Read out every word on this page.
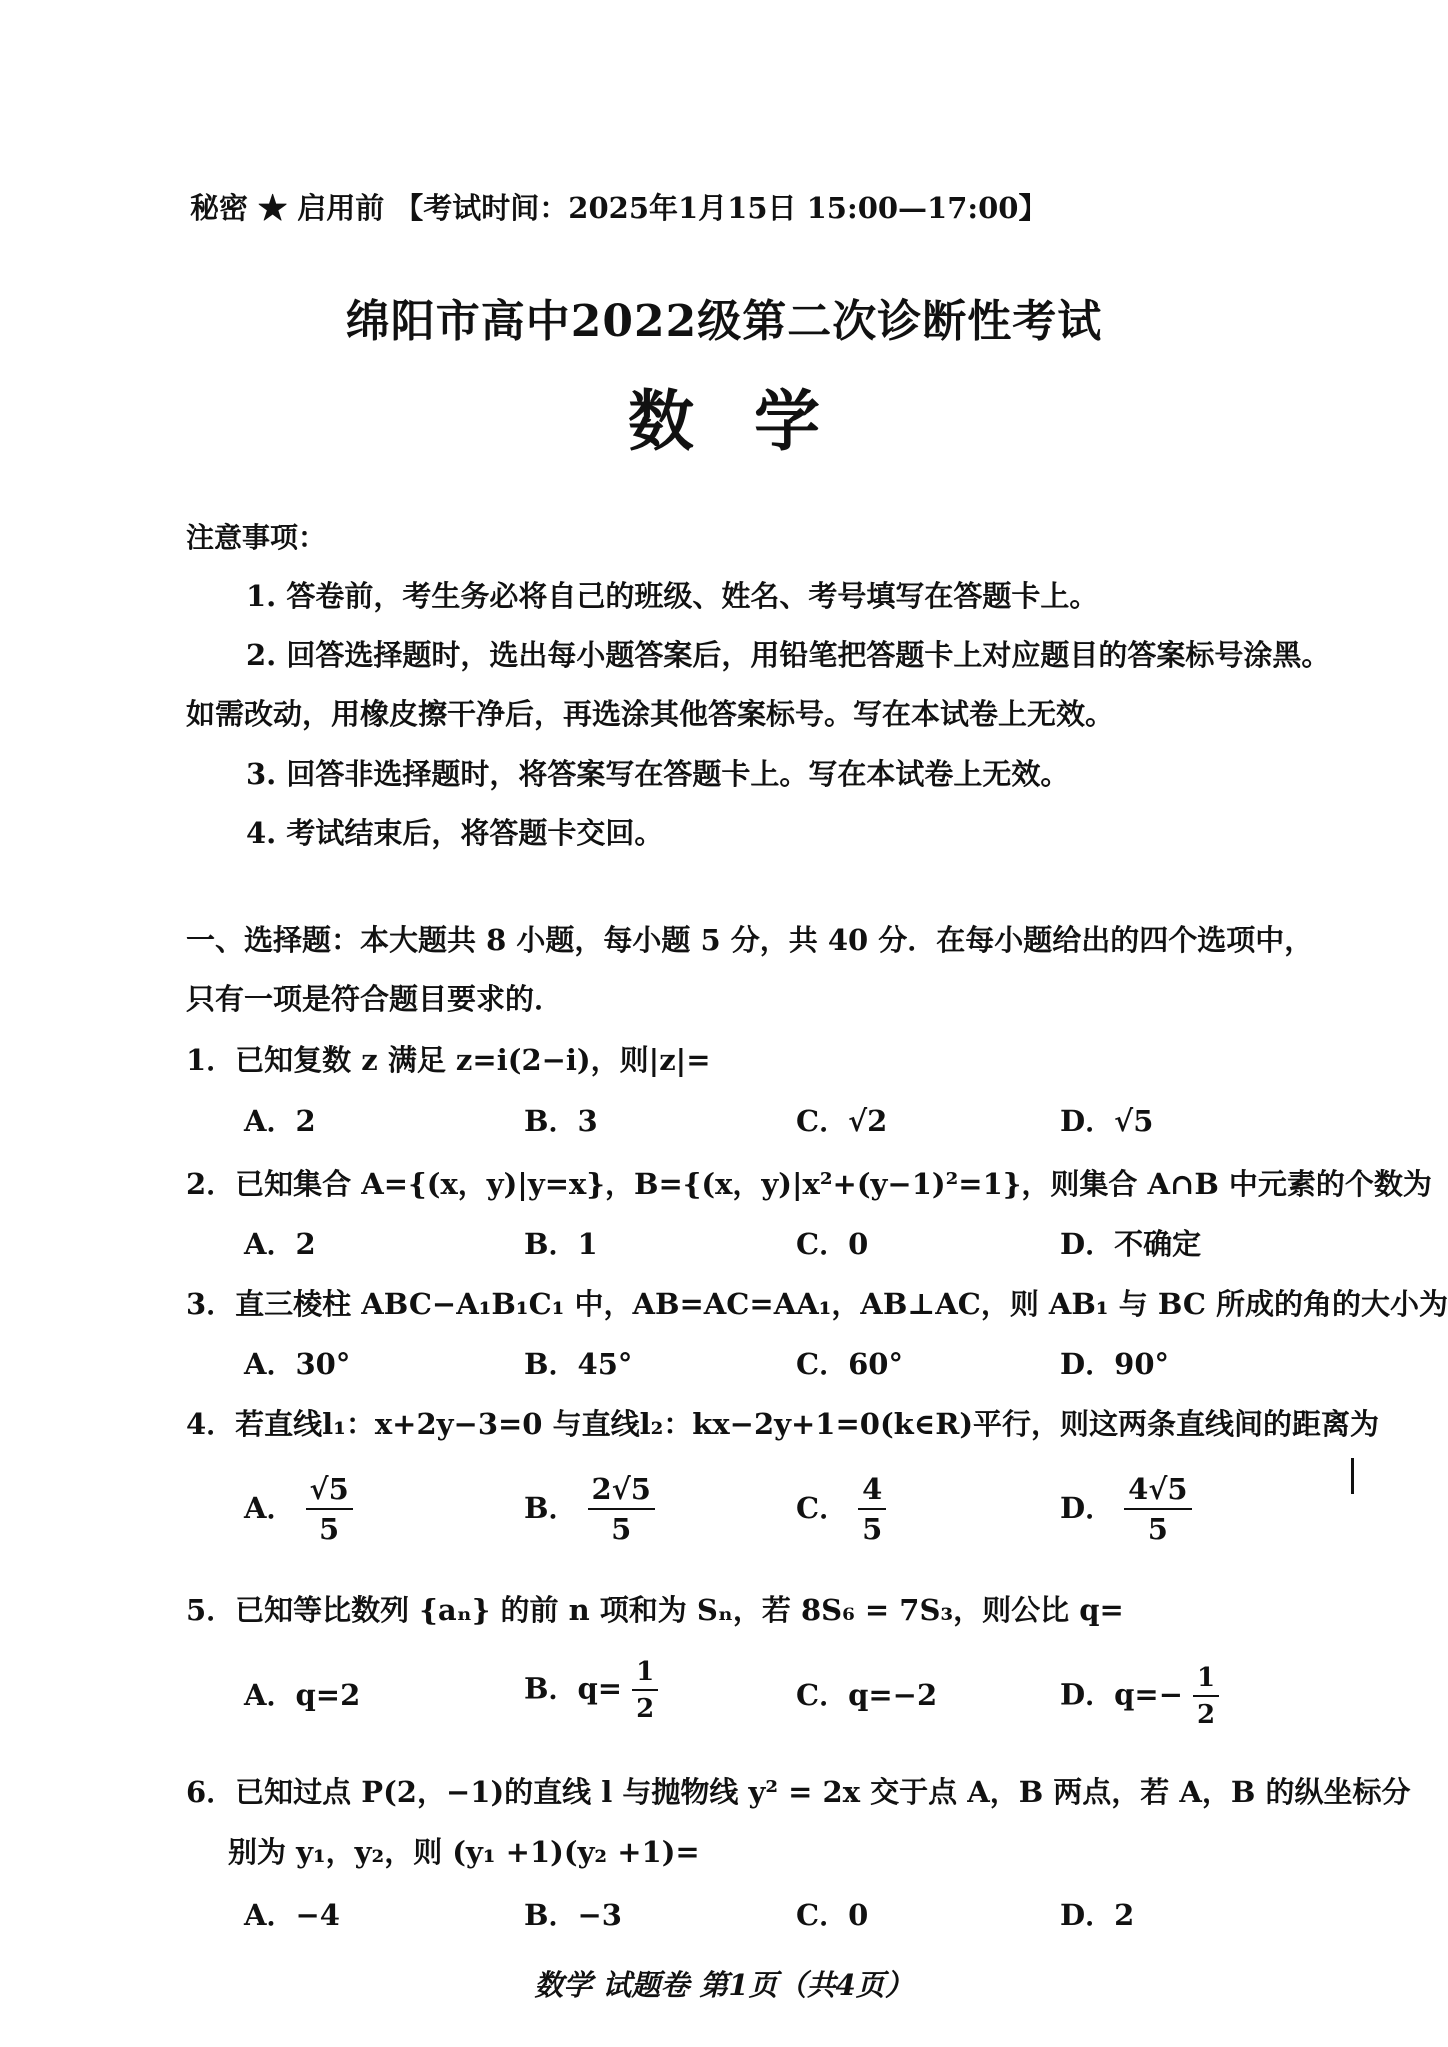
秘密 ★ 启用前 【考试时间：2025年1月15日 15:00—17:00】
绵阳市高中2022级第二次诊断性考试
数学
注意事项：
1. 答卷前，考生务必将自己的班级、姓名、考号填写在答题卡上。
2. 回答选择题时，选出每小题答案后，用铅笔把答题卡上对应题目的答案标号涂黑。
如需改动，用橡皮擦干净后，再选涂其他答案标号。写在本试卷上无效。
3. 回答非选择题时，将答案写在答题卡上。写在本试卷上无效。
4. 考试结束后，将答题卡交回。
一、选择题：本大题共 8 小题，每小题 5 分，共 40 分．在每小题给出的四个选项中，
只有一项是符合题目要求的．
1．已知复数 z 满足 z=i(2−i)，则|z|=
A．2	B．3	C．√2	D．√5
2．已知集合 A={(x，y)|y=x}，B={(x，y)|x²+(y−1)²=1}，则集合 A∩B 中元素的个数为
A．2	B．1	C．0	D．不确定
3．直三棱柱 ABC−A₁B₁C₁ 中，AB=AC=AA₁，AB⊥AC，则 AB₁ 与 BC 所成的角的大小为
A．30°	B．45°	C．60°	D．90°
4．若直线l₁：x+2y−3=0 与直线l₂：kx−2y+1=0(k∈R)平行，则这两条直线间的距离为
A． $\frac{√5}{5}$	B． $\frac{2√5}{5}$	C． $\frac{4}{5}$	D． $\frac{4√5}{5}$
5．已知等比数列 {aₙ} 的前 n 项和为 Sₙ，若 8S₆ = 7S₃，则公比 q=
A．q=2	B．$q= \frac{1}{2}$	C．q=−2	D．$q=- \frac{1}{2}$
6．已知过点 P(2，−1)的直线 l 与抛物线 y² = 2x 交于点 A，B 两点，若 A，B 的纵坐标分
别为 y₁，y₂，则 (y₁ +1)(y₂ +1)=
A．−4	B．−3	C．0	D．2
数学 试题卷 第1页（共4页）
